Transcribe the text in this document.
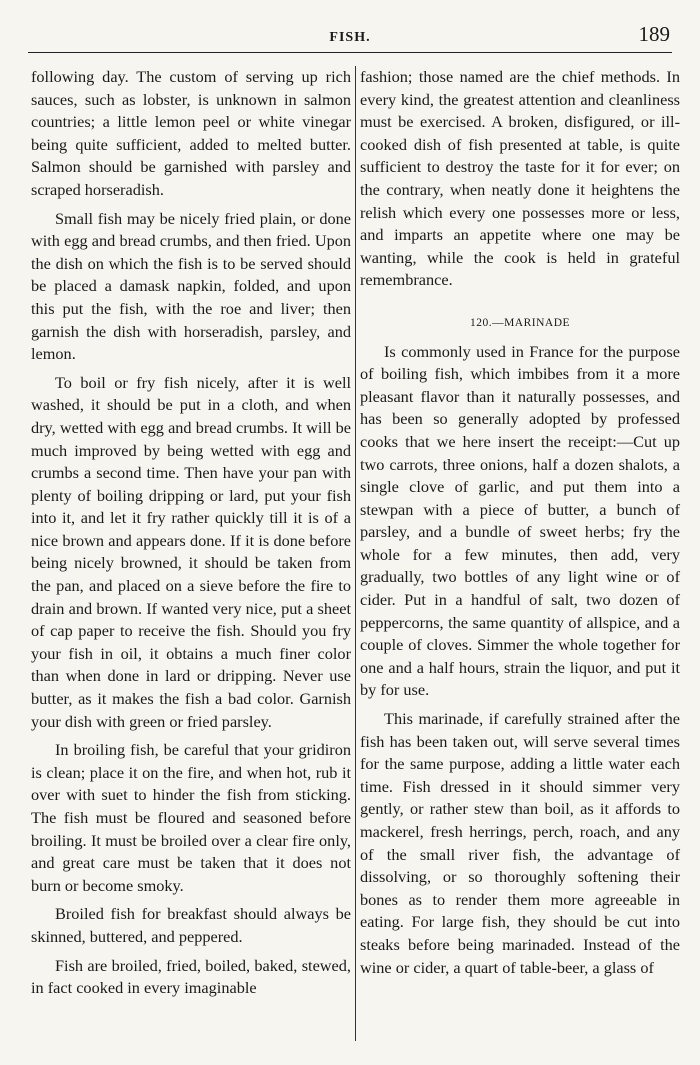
FISH.	189

following day. The custom of serving up rich sauces, such as lobster, is unknown in salmon countries; a little lemon peel or white vinegar being quite sufficient, added to melted butter. Salmon should be garnished with parsley and scraped horseradish.

Small fish may be nicely fried plain, or done with egg and bread crumbs, and then fried. Upon the dish on which the fish is to be served should be placed a damask napkin, folded, and upon this put the fish, with the roe and liver; then garnish the dish with horseradish, parsley, and lemon.

To boil or fry fish nicely, after it is well washed, it should be put in a cloth, and when dry, wetted with egg and bread crumbs. It will be much improved by being wetted with egg and crumbs a second time. Then have your pan with plenty of boiling dripping or lard, put your fish into it, and let it fry rather quickly till it is of a nice brown and appears done. If it is done before being nicely browned, it should be taken from the pan, and placed on a sieve before the fire to drain and brown. If wanted very nice, put a sheet of cap paper to receive the fish. Should you fry your fish in oil, it obtains a much finer color than when done in lard or dripping. Never use butter, as it makes the fish a bad color. Garnish your dish with green or fried parsley.

In broiling fish, be careful that your gridiron is clean; place it on the fire, and when hot, rub it over with suet to hinder the fish from sticking. The fish must be floured and seasoned before broiling. It must be broiled over a clear fire only, and great care must be taken that it does not burn or become smoky.

Broiled fish for breakfast should always be skinned, buttered, and peppered.

Fish are broiled, fried, boiled, baked, stewed, in fact cooked in every imaginable

fashion; those named are the chief methods. In every kind, the greatest attention and cleanliness must be exercised. A broken, disfigured, or ill-cooked dish of fish presented at table, is quite sufficient to destroy the taste for it for ever; on the contrary, when neatly done it heightens the relish which every one possesses more or less, and imparts an appetite where one may be wanting, while the cook is held in grateful remembrance.

120.—MARINADE

Is commonly used in France for the purpose of boiling fish, which imbibes from it a more pleasant flavor than it naturally possesses, and has been so generally adopted by professed cooks that we here insert the receipt:—Cut up two carrots, three onions, half a dozen shalots, a single clove of garlic, and put them into a stewpan with a piece of butter, a bunch of parsley, and a bundle of sweet herbs; fry the whole for a few minutes, then add, very gradually, two bottles of any light wine or of cider. Put in a handful of salt, two dozen of peppercorns, the same quantity of allspice, and a couple of cloves. Simmer the whole together for one and a half hours, strain the liquor, and put it by for use.

This marinade, if carefully strained after the fish has been taken out, will serve several times for the same purpose, adding a little water each time. Fish dressed in it should simmer very gently, or rather stew than boil, as it affords to mackerel, fresh herrings, perch, roach, and any of the small river fish, the advantage of dissolving, or so thoroughly softening their bones as to render them more agreeable in eating. For large fish, they should be cut into steaks before being marinaded. Instead of the wine or cider, a quart of table-beer, a glass of
